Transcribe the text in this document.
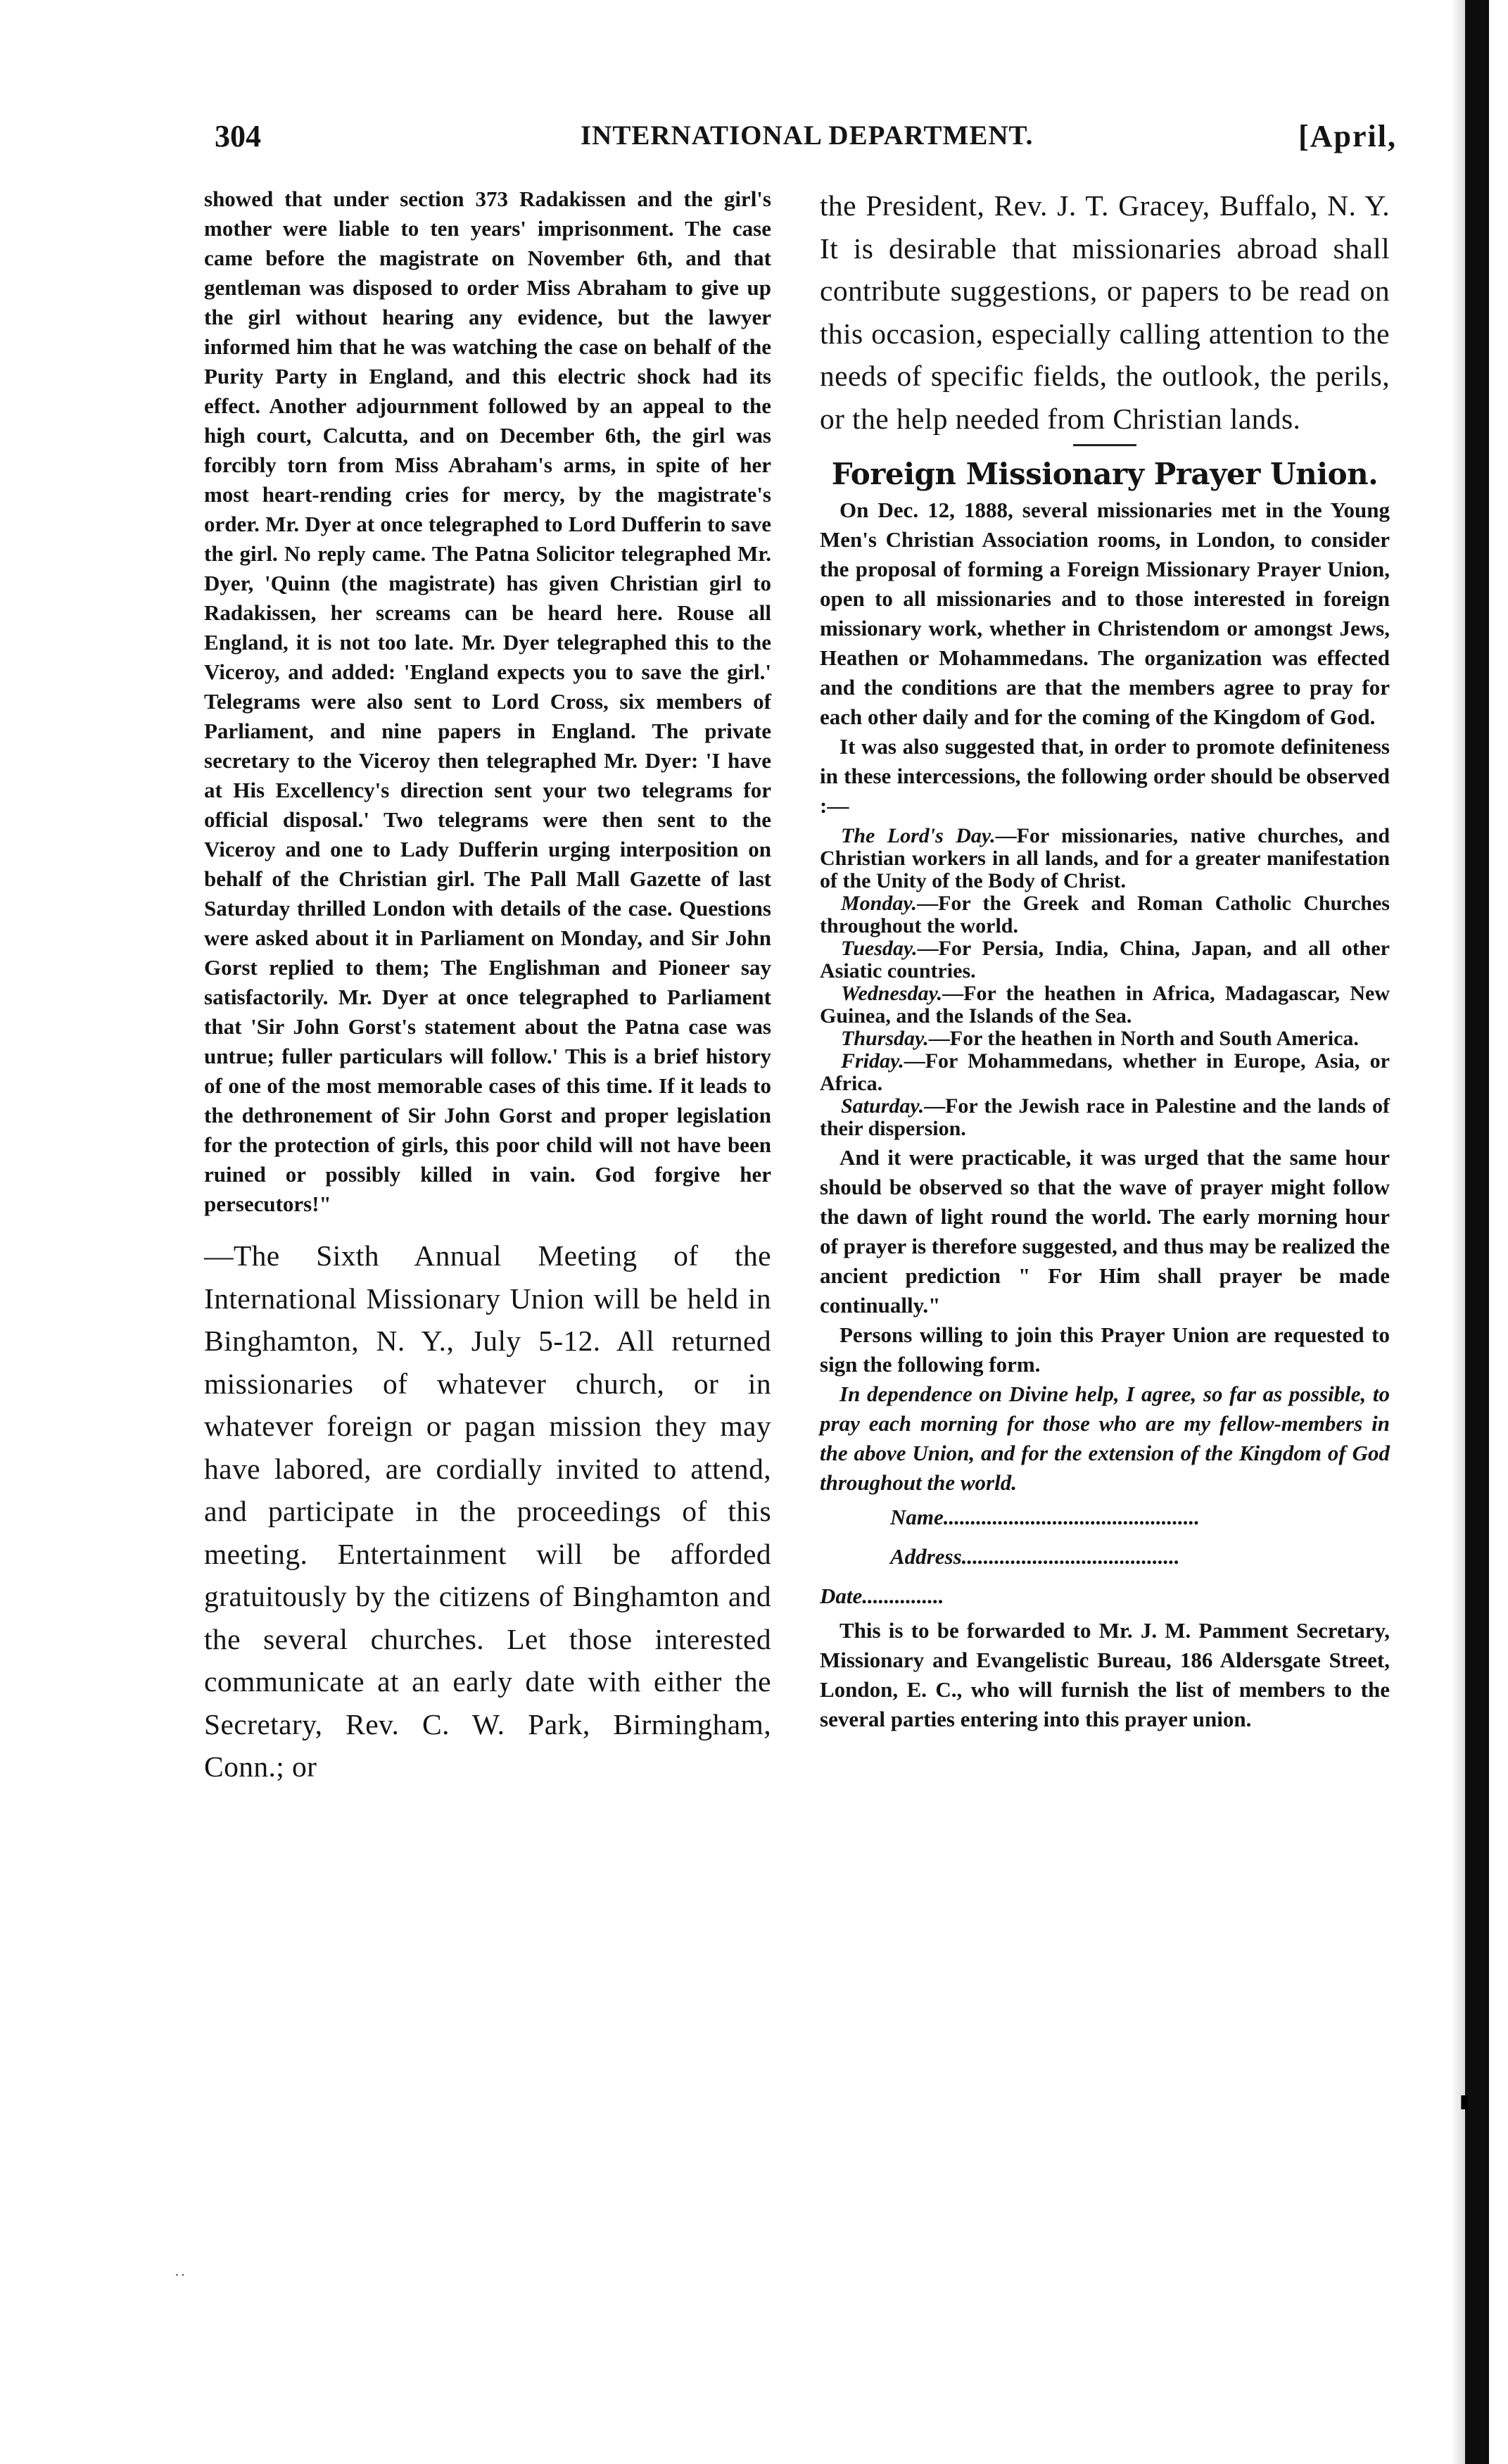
304	INTERNATIONAL DEPARTMENT.	[April,

showed that under section 373 Radakissen and the girl's mother were liable to ten years' imprisonment. The case came before the magistrate on November 6th, and that gentleman was disposed to order Miss Abraham to give up the girl without hearing any evidence, but the lawyer informed him that he was watching the case on behalf of the Purity Party in England, and this electric shock had its effect. Another adjournment followed by an appeal to the high court, Calcutta, and on December 6th, the girl was forcibly torn from Miss Abraham's arms, in spite of her most heart-rending cries for mercy, by the magistrate's order. Mr. Dyer at once telegraphed to Lord Dufferin to save the girl. No reply came. The Patna Solicitor telegraphed Mr. Dyer, 'Quinn (the magistrate) has given Christian girl to Radakissen, her screams can be heard here. Rouse all England, it is not too late. Mr. Dyer telegraphed this to the Viceroy, and added: 'England expects you to save the girl.' Telegrams were also sent to Lord Cross, six members of Parliament, and nine papers in England. The private secretary to the Viceroy then telegraphed Mr. Dyer: 'I have at His Excellency's direction sent your two telegrams for official disposal.' Two telegrams were then sent to the Viceroy and one to Lady Dufferin urging interposition on behalf of the Christian girl. The Pall Mall Gazette of last Saturday thrilled London with details of the case. Questions were asked about it in Parliament on Monday, and Sir John Gorst replied to them; The Englishman and Pioneer say satisfactorily. Mr. Dyer at once telegraphed to Parliament that 'Sir John Gorst's statement about the Patna case was untrue; fuller particulars will follow.' This is a brief history of one of the most memorable cases of this time. If it leads to the dethronement of Sir John Gorst and proper legislation for the protection of girls, this poor child will not have been ruined or possibly killed in vain. God forgive her persecutors!"

—The Sixth Annual Meeting of the International Missionary Union will be held in Binghamton, N. Y., July 5-12. All returned missionaries of whatever church, or in whatever foreign or pagan mission they may have labored, are cordially invited to attend, and participate in the proceedings of this meeting. Entertainment will be afforded gratuitously by the citizens of Binghamton and the several churches. Let those interested communicate at an early date with either the Secretary, Rev. C. W. Park, Birmingham, Conn.; or

the President, Rev. J. T. Gracey, Buffalo, N. Y. It is desirable that missionaries abroad shall contribute suggestions, or papers to be read on this occasion, especially calling attention to the needs of specific fields, the outlook, the perils, or the help needed from Christian lands.

Foreign Missionary Prayer Union.

On Dec. 12, 1888, several missionaries met in the Young Men's Christian Association rooms, in London, to consider the proposal of forming a Foreign Missionary Prayer Union, open to all missionaries and to those interested in foreign missionary work, whether in Christendom or amongst Jews, Heathen or Mohammedans. The organization was effected and the conditions are that the members agree to pray for each other daily and for the coming of the Kingdom of God.

It was also suggested that, in order to promote definiteness in these intercessions, the following order should be observed :—

The Lord's Day.—For missionaries, native churches, and Christian workers in all lands, and for a greater manifestation of the Unity of the Body of Christ.

Monday.—For the Greek and Roman Catholic Churches throughout the world.

Tuesday.—For Persia, India, China, Japan, and all other Asiatic countries.

Wednesday.—For the heathen in Africa, Madagascar, New Guinea, and the Islands of the Sea.

Thursday.—For the heathen in North and South America.

Friday.—For Mohammedans, whether in Europe, Asia, or Africa.

Saturday.—For the Jewish race in Palestine and the lands of their dispersion.

And it were practicable, it was urged that the same hour should be observed so that the wave of prayer might follow the dawn of light round the world. The early morning hour of prayer is therefore suggested, and thus may be realized the ancient prediction " For Him shall prayer be made continually."

Persons willing to join this Prayer Union are requested to sign the following form.

In dependence on Divine help, I agree, so far as possible, to pray each morning for those who are my fellow-members in the above Union, and for the extension of the Kingdom of God throughout the world.

Name...............................................
Address........................................
Date...............

This is to be forwarded to Mr. J. M. Pamment Secretary, Missionary and Evangelistic Bureau, 186 Aldersgate Street, London, E. C., who will furnish the list of members to the several parties entering into this prayer union.

··
▮
